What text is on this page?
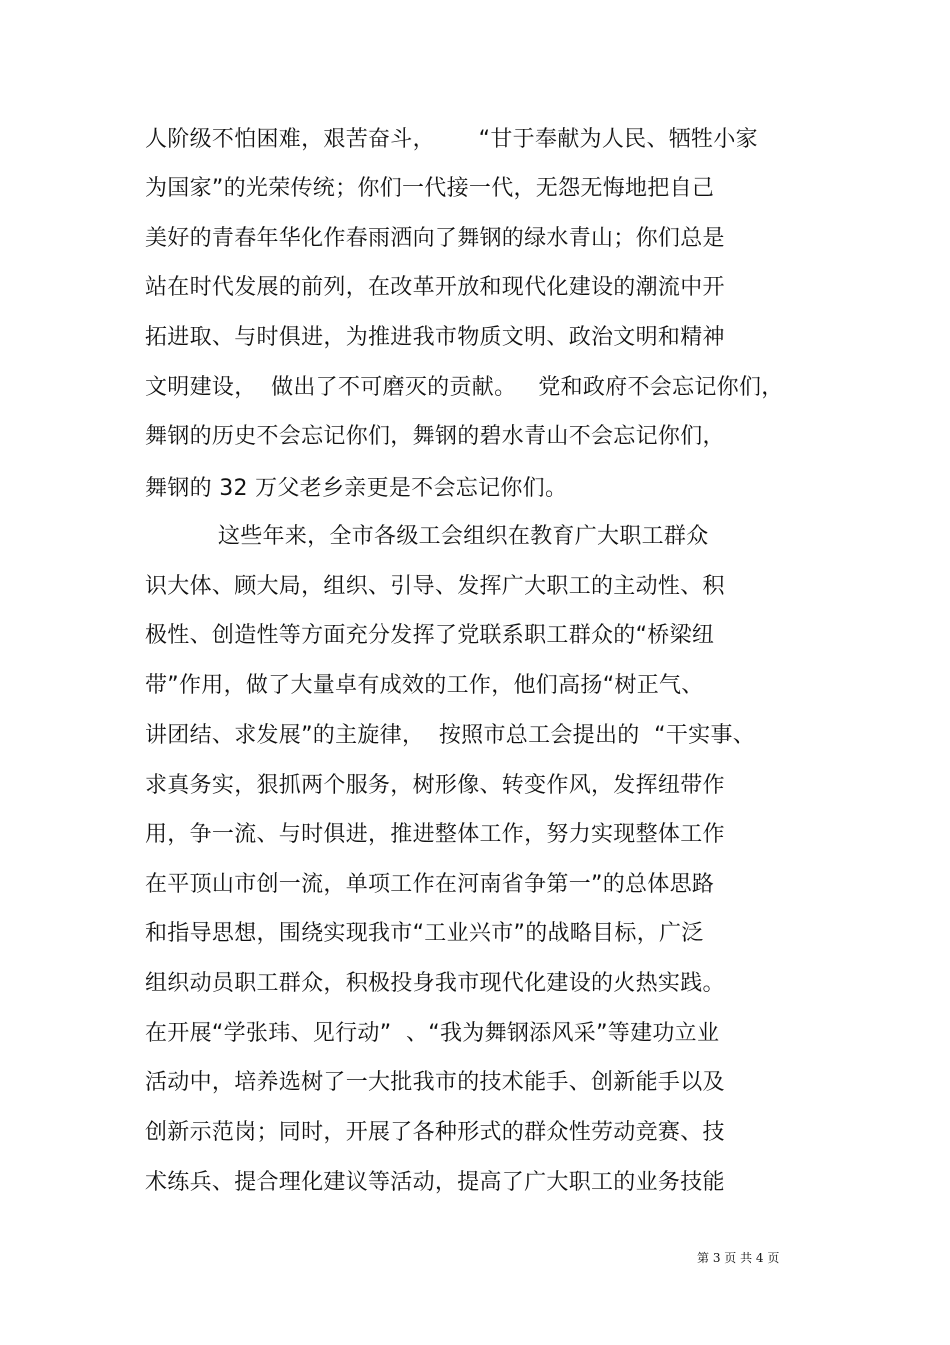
人阶级不怕困难，艰苦奋斗，      “甘于奉献为人民、牺牲小家
为国家”的光荣传统；你们一代接一代，无怨无悔地把自己
美好的青春年华化作春雨洒向了舞钢的绿水青山；你们总是
站在时代发展的前列，在改革开放和现代化建设的潮流中开
拓进取、与时俱进，为推进我市物质文明、政治文明和精神
文明建设，  做出了不可磨灭的贡献。   党和政府不会忘记你们，
舞钢的历史不会忘记你们，舞钢的碧水青山不会忘记你们，
舞钢的 32 万父老乡亲更是不会忘记你们。
这些年来，全市各级工会组织在教育广大职工群众
识大体、顾大局，组织、引导、发挥广大职工的主动性、积
极性、创造性等方面充分发挥了党联系职工群众的“桥梁纽
带”作用，做了大量卓有成效的工作，他们高扬“树正气、
讲团结、求发展”的主旋律，  按照市总工会提出的  “干实事、
求真务实，狠抓两个服务，树形像、转变作风，发挥纽带作
用，争一流、与时俱进，推进整体工作，努力实现整体工作
在平顶山市创一流，单项工作在河南省争第一”的总体思路
和指导思想，围绕实现我市“工业兴市”的战略目标，广泛
组织动员职工群众，积极投身我市现代化建设的火热实践。
在开展“学张玮、见行动”  、“我为舞钢添风采”等建功立业
活动中，培养选树了一大批我市的技术能手、创新能手以及
创新示范岗；同时，开展了各种形式的群众性劳动竞赛、技
术练兵、提合理化建议等活动，提高了广大职工的业务技能
第 3 页 共 4 页
